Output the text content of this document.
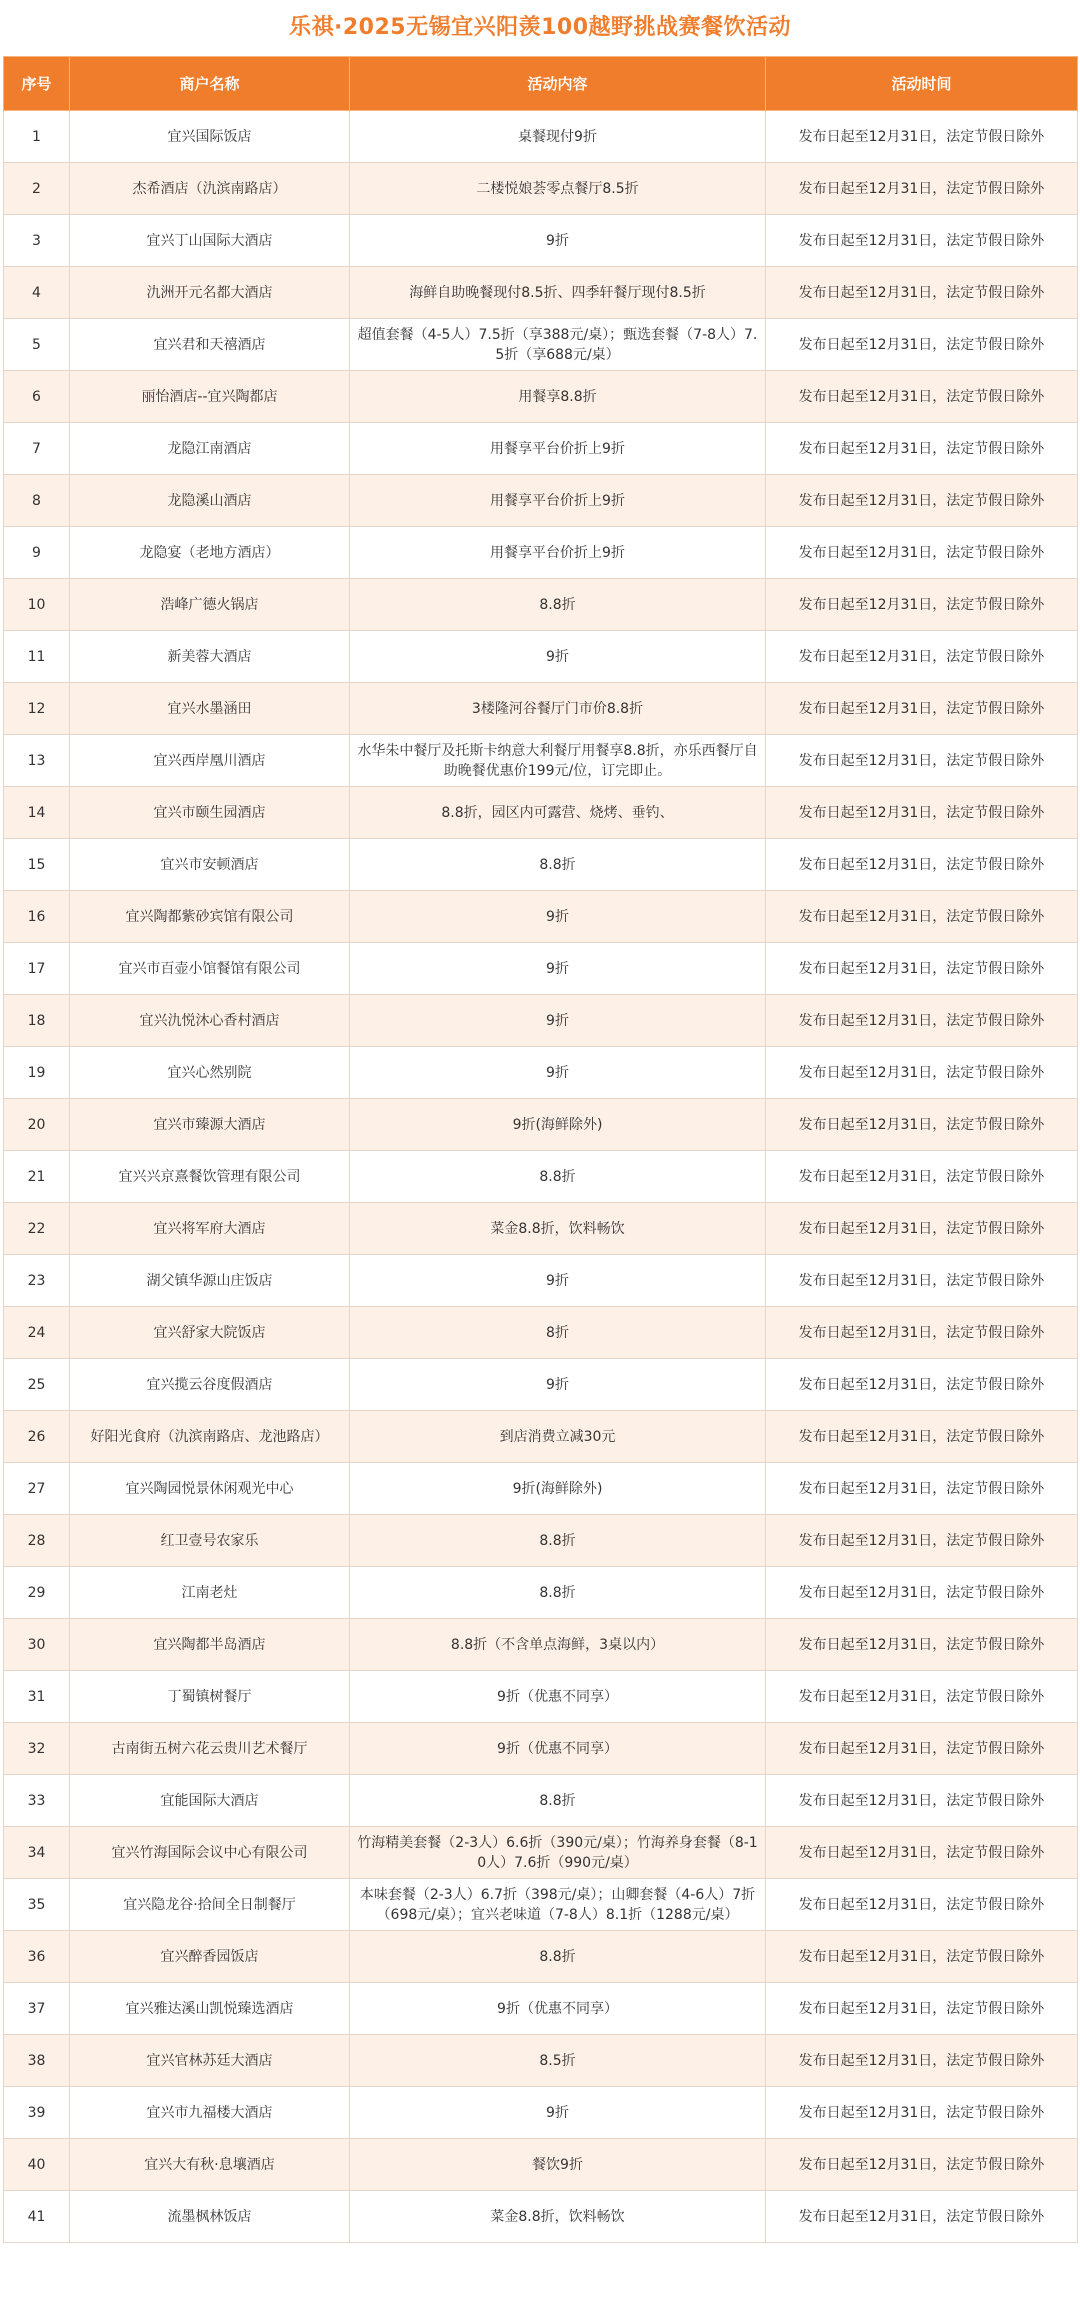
乐祺·2025无锡宜兴阳羡100越野挑战赛餐饮活动
序号	商户名称	活动内容	活动时间
1	宜兴国际饭店	桌餐现付9折	发布日起至12月31日，法定节假日除外
2	杰希酒店（氿滨南路店）	二楼悦娘荟零点餐厅8.5折	发布日起至12月31日，法定节假日除外
3	宜兴丁山国际大酒店	9折	发布日起至12月31日，法定节假日除外
4	氿洲开元名都大酒店	海鲜自助晚餐现付8.5折、四季轩餐厅现付8.5折	发布日起至12月31日，法定节假日除外
5	宜兴君和天禧酒店	超值套餐（4-5人）7.5折（享388元/桌）；甄选套餐（7-8人）7.5折（享688元/桌）	发布日起至12月31日，法定节假日除外
6	丽怡酒店--宜兴陶都店	用餐享8.8折	发布日起至12月31日，法定节假日除外
7	龙隐江南酒店	用餐享平台价折上9折	发布日起至12月31日，法定节假日除外
8	龙隐溪山酒店	用餐享平台价折上9折	发布日起至12月31日，法定节假日除外
9	龙隐宴（老地方酒店）	用餐享平台价折上9折	发布日起至12月31日，法定节假日除外
10	浩峰广德火锅店	8.8折	发布日起至12月31日，法定节假日除外
11	新美蓉大酒店	9折	发布日起至12月31日，法定节假日除外
12	宜兴水墨涵田	3楼隆河谷餐厅门市价8.8折	发布日起至12月31日，法定节假日除外
13	宜兴西岸凰川酒店	水华朱中餐厅及托斯卡纳意大利餐厅用餐享8.8折，亦乐西餐厅自助晚餐优惠价199元/位，订完即止。	发布日起至12月31日，法定节假日除外
14	宜兴市颐生园酒店	8.8折，园区内可露营、烧烤、垂钓、	发布日起至12月31日，法定节假日除外
15	宜兴市安顿酒店	8.8折	发布日起至12月31日，法定节假日除外
16	宜兴陶都紫砂宾馆有限公司	9折	发布日起至12月31日，法定节假日除外
17	宜兴市百壶小馆餐馆有限公司	9折	发布日起至12月31日，法定节假日除外
18	宜兴氿悦沐心香村酒店	9折	发布日起至12月31日，法定节假日除外
19	宜兴心然别院	9折	发布日起至12月31日，法定节假日除外
20	宜兴市臻源大酒店	9折(海鲜除外)	发布日起至12月31日，法定节假日除外
21	宜兴兴京熹餐饮管理有限公司	8.8折	发布日起至12月31日，法定节假日除外
22	宜兴将军府大酒店	菜金8.8折，饮料畅饮	发布日起至12月31日，法定节假日除外
23	湖父镇华源山庄饭店	9折	发布日起至12月31日，法定节假日除外
24	宜兴舒家大院饭店	8折	发布日起至12月31日，法定节假日除外
25	宜兴揽云谷度假酒店	9折	发布日起至12月31日，法定节假日除外
26	好阳光食府（氿滨南路店、龙池路店）	到店消费立减30元	发布日起至12月31日，法定节假日除外
27	宜兴陶园悦景休闲观光中心	9折(海鲜除外)	发布日起至12月31日，法定节假日除外
28	红卫壹号农家乐	8.8折	发布日起至12月31日，法定节假日除外
29	江南老灶	8.8折	发布日起至12月31日，法定节假日除外
30	宜兴陶都半岛酒店	8.8折（不含单点海鲜，3桌以内）	发布日起至12月31日，法定节假日除外
31	丁蜀镇树餐厅	9折（优惠不同享）	发布日起至12月31日，法定节假日除外
32	古南街五树六花云贵川艺术餐厅	9折（优惠不同享）	发布日起至12月31日，法定节假日除外
33	宜能国际大酒店	8.8折	发布日起至12月31日，法定节假日除外
34	宜兴竹海国际会议中心有限公司	竹海精美套餐（2-3人）6.6折（390元/桌）；竹海养身套餐（8-10人）7.6折（990元/桌）	发布日起至12月31日，法定节假日除外
35	宜兴隐龙谷·拾间全日制餐厅	本味套餐（2-3人）6.7折（398元/桌）；山卿套餐（4-6人）7折（698元/桌）；宜兴老味道（7-8人）8.1折（1288元/桌）	发布日起至12月31日，法定节假日除外
36	宜兴醉香园饭店	8.8折	发布日起至12月31日，法定节假日除外
37	宜兴雅达溪山凯悦臻选酒店	9折（优惠不同享）	发布日起至12月31日，法定节假日除外
38	宜兴官林苏廷大酒店	8.5折	发布日起至12月31日，法定节假日除外
39	宜兴市九福楼大酒店	9折	发布日起至12月31日，法定节假日除外
40	宜兴大有秋·息壤酒店	餐饮9折	发布日起至12月31日，法定节假日除外
41	流墨枫林饭店	菜金8.8折，饮料畅饮	发布日起至12月31日，法定节假日除外
